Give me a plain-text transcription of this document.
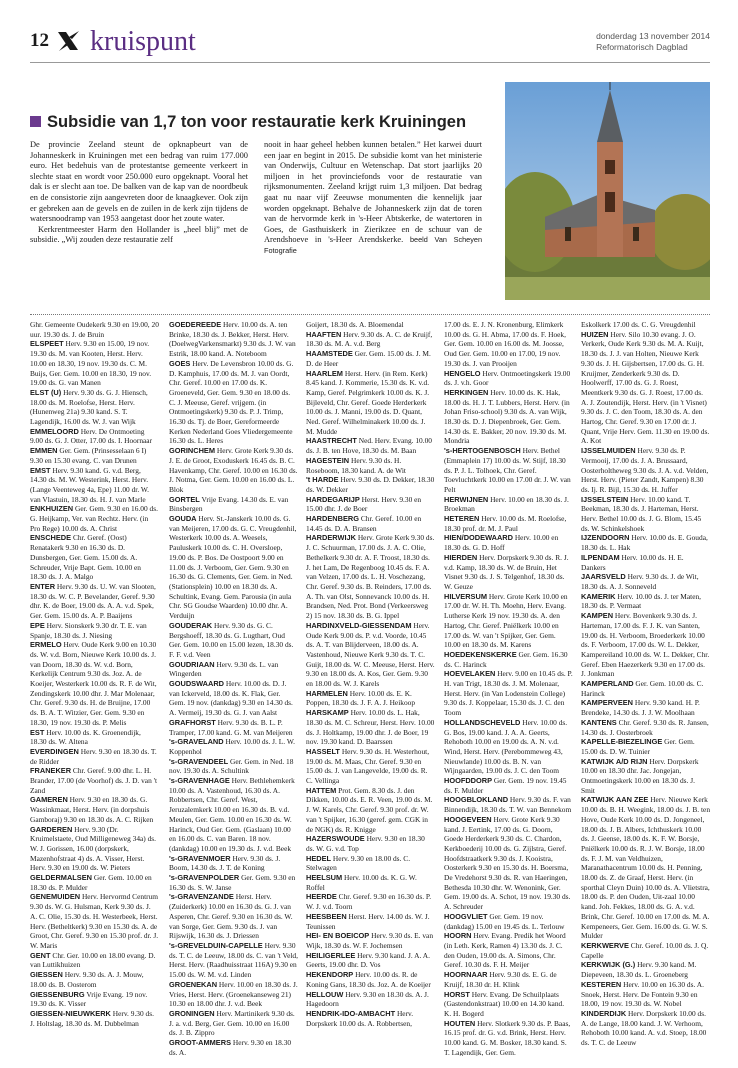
12 kruispunt	donderdag 13 november 2014
Reformatorisch Dagblad
Subsidie van 1,7 ton voor restauratie kerk Kruiningen

De provincie Zeeland steunt de opknapbeurt van de Johanneskerk in Kruiningen met een bedrag van ruim 177.000 euro. Het bedehuis van de protestantse gemeente verkeert in slechte staat en wordt voor 250.000 euro opgeknapt. Vooral het dak is er slecht aan toe. De balken van de kap van de noordbeuk en de consistorie zijn aangevreten door de knaagkever. Ook zijn er gebreken aan de gevels en de zuilen in de kerk zijn tijdens de watersnoodramp van 1953 aangetast door het zoute water.

Kerkrentmeester Harm den Hollander is „heel blij” met de subsidie. „Wij zouden deze restauratie zelf

nooit in haar geheel hebben kunnen betalen.” Het karwei duurt een jaar en begint in 2015. De subsidie komt van het ministerie van Onderwijs, Cultuur en Wetenschap. Dat stort jaarlijks 20 miljoen in het provinciefonds voor de restauratie van rijksmonumenten. Zeeland krijgt ruim 1,3 miljoen. Dat bedrag gaat nu naar vijf Zeeuwse monumenten die kennelijk jaar worden opgeknapt. Behalve de Johanneskerk zijn dat de toren van de hervormde kerk in 's-Heer Abtskerke, de watertoren in Goes, de Gasthuiskerk in Zierikzee en de schuur van de Arendshoeve in 's-Heer Arendskerke. beeld Van Scheyen Fotografie

Ghr. Gemeente Oudekerk 9.30 en 19.00, 20 uur. 19.30 ds. J. de Bruin

ELSPEET Herv. 9.30 en 15.00, 19 nov. 19.30 ds. M. van Kooten, Herst. Herv. 10.00 en 18.30, 19 nov. 19.30 ds. C. M. Buijs, Ger. Gem. 10.00 en 18.30, 19 nov. 19.00 ds. G. van Manen

ELST (U) Herv. 9.30 ds. G. J. Hiensch, 18.00 ds. M. Roelofse, Herst. Herv. (Hunenweg 21a) 9.30 kand. S. T. Lagendijk, 16.00 ds. W. J. van Wijk

EMMELOORD Herv. De Ontmoeting 9.00 ds. G. J. Otter, 17.00 ds. I. Hoornaar

EMMEN Ger. Gem. (Prinsesselaan 6 I) 9.30 en 15.30 evang. C. van Drunen

EMST Herv. 9.30 kand. G. v.d. Berg, 14.30 ds. M. W. Westerink, Herst. Herv. (Lange Veenteweg 4a, Epe) 11.00 dr. W. van Vlastuin, 18.30 ds. H. J. van Marle

ENKHUIZEN Ger. Gem. 9.30 en 16.00 ds. G. Heijkamp, Ver. van Rechtz. Herv. (in Pro Rege) 10.00 ds. A. Christ

ENSCHEDE Chr. Geref. (Oost) Renatakerk 9.30 en 16.30 ds. D. Dunsbergen, Ger. Gem. 15.00 ds. A. Schreuder, Vrije Bapt. Gem. 10.00 en 18.30 ds. J. A. Malgo

ENTER Herv. 9.30 ds. U. W. van Slooten, 18.30 ds. W. C. P. Bevelander, Geref. 9.30 dhr. K. de Boer, 19.00 ds. A. A. v.d. Spek, Ger. Gem. 15.00 ds. A. P. Baaijens

EPE Herv. Sionskerk 9.30 dr. T. E. van Spanje, 18.30 ds. J. Niesing

ERMELO Herv. Oude Kerk 9.00 en 10.30 ds. W. v.d. Born, Nieuwe Kerk 10.00 ds. J. van Doorn, 18.30 ds. W. v.d. Born, Kerkelijk Centrum 9.30 ds. Joz. A. de Koeijer, Westerkerk 10.00 ds. R. F. de Wit, Zendingskerk 10.00 dhr. J. Mar Molenaar, Chr. Geref. 9.30 ds. H. de Bruijne, 17.00 ds. B. A. T. Witzier, Ger. Gem. 9.30 en 18.30, 19 nov. 19.30 ds. P. Melis

EST Herv. 10.00 ds. K. Groenendijk, 18.30 ds. W. Altena

EVERDINGEN Herv. 9.30 en 18.30 ds. T. de Ridder

FRANEKER Chr. Geref. 9.00 dhr. L. H. Brander, 17.00 (de Voorhof) ds. J. D. van 't Zand

GAMEREN Herv. 9.30 en 18.30 ds. G. Wassinkmaat, Herst. Herv. (in dorpshuis Gamboraj) 9.30 en 18.30 ds. A. C. Rijken

GARDEREN Herv. 9.30 (Dr. Kruimelstaete, Oud Milligeneweg 34a) ds. W. J. Gorissen, 16.00 (dorpskerk, Mazenhofstraat 4) ds. A. Visser, Herst. Herv. 9.30 en 19.00 ds. W. Pieters

GELDERMALSEN Ger. Gem. 10.00 en 18.30 ds. P. Mulder

GENEMUIDEN Herv. Hervormd Centrum 9.30 ds. W. G. Hulsman, Kerk 9.30 ds. J. A. C. Olie, 15.30 ds. H. Westerbeek, Herst. Herv. (Betheltkerk) 9.30 en 15.30 ds. A. de Groot, Chr. Geref. 9.30 en 15.30 prof. dr. J. W. Maris

GENT Chr. Ger. 10.00 en 18.00 evang. D. van Luttikhuizen

GIESSEN Herv. 9.30 ds. A. J. Mouw, 18.00 ds. B. Oosterom

GIESSENBURG Vrije Evang. 19 nov. 19.30 ds. K. Visser

GIESSEN-NIEUWKERK Herv. 9.30 ds. J. Holtslag, 18.30 ds. M. Dubbelman

GOEDEREEDE Herv. 10.00 ds. A. ten Brinke, 18.30 ds. J. Bekker, Herst. Herv. (DoelwegVarkensmarkt) 9.30 ds. J. W. van Estrik, 18.00 kand. A. Noteboom

GOES Herv. De Levensbron 10.00 ds. G. D. Kamphuis, 17.00 ds. M. J. van Oordt, Chr. Geref. 10.00 en 17.00 ds. K. Groeneveld, Ger. Gem. 9.30 en 18.00 ds. C. J. Meeuse, Geref. vrijgem. (in Ontmoetingskerk) 9.30 ds. P. J. Trimp, 16.30 ds. Tj. de Boer, Gereformeerde Kerken Nederland Goes Vliedergemeente 16.30 ds. L. Heres

GORINCHEM Herv. Grote Kerk 9.30 ds. J. E. de Groot, Exoduskerk 16.45 ds. B. C. Havenkamp, Chr. Geref. 10.00 en 16.30 ds. J. Notma, Ger. Gem. 10.00 en 16.00 ds. L. Blok

GORTEL Vrije Evang. 14.30 ds. E. van Binsbergen

GOUDA Herv. St.-Janskerk 10.00 ds. G. van Meijeren, 17.00 ds. G. C. Vreugdenhil, Westerkerk 10.00 ds. A. Weesels, Pauluskerk 10.00 ds. C. H. Oversloep, 19.00 ds. P. Bos. De Oostpoort 9.00 en 11.00 ds. J. Verboom, Ger. Gem. 9.30 en 16.30 ds. G. Clements, Ger. Gem. in Ned. (Stationsplein) 10.00 en 18.30 ds. A. Schultink, Evang. Gem. Parousia (in aula Chr. SG Goudse Waarden) 10.00 dhr. A. Verduijn

GOUDERAK Herv. 9.30 ds. G. C. Bergshoeff, 18.30 ds. G. Lugthart, Oud Ger. Gem. 10.00 en 15.00 lezen, 18.30 ds. F. F. v.d. Veen

GOUDRIAAN Herv. 9.30 ds. L. van Wingerden

GOUDSWAARD Herv. 10.00 ds. D. J. van Ickerveld, 18.00 ds. K. Flak, Ger. Gem. 19 nov. (dankdag) 9.30 en 14.30 ds. A. Vermeij, 19.30 ds. G. J. van Aalst

GRAFHORST Herv. 9.30 ds. B. L. P. Tramper, 17.00 kand. G. M. van Meijeren

's-GRAVELAND Herv. 10.00 ds. J. L. W. Koppenhol

's-GRAVENDEEL Ger. Gem. in Ned. 18 nov. 19.30 ds. A. Schultink

's-GRAVENHAGE Herv. Bethlehemkerk 10.00 ds. A. Vastenhoud, 16.30 ds. A. Robbertsen, Chr. Geref. West, Jeruzalemkerk 10.00 en 16.30 ds. B. v.d. Meulen, Ger. Gem. 10.00 en 16.30 ds. W. Harinck, Oud Ger. Gem. (Gaslaan) 10.00 en 16.00 ds. C. van Baren. 18 nov. (dankdag) 10.00 en 19.30 ds. J. v.d. Beek

's-GRAVENMOER Herv. 9.30 ds. J. Boom, 14.30 ds. J. T. de Koning

's-GRAVENPOLDER Ger. Gem. 9.30 en 16.30 ds. S. W. Janse

's-GRAVENZANDE Herst. Herv. (Zuiderkerk) 10.00 en 16.30 ds. G. J. van Asperen, Chr. Geref. 9.30 en 16.30 ds. W. van Sorge, Ger. Gem. 9.30 ds. J. van Rijswijk, 16.30 ds. J. Driessen

's-GREVELDUIN-CAPELLE Herv. 9.30 ds. T. C. de Leeuw, 18.00 ds. C. van 't Veld, Herst. Herv. (Raadhuisstraat 116A) 9.30 en 15.00 ds. W. M. v.d. Linden

GROENEKAN Herv. 10.00 en 18.30 ds. J. Vries, Herst. Herv. (Groenekanseweg 21) 10.30 en 18.00 dhr. J. v.d. Beek

GRONINGEN Herv. Martinikerk 9.30 ds. J. a. v.d. Berg, Ger. Gem. 10.00 en 16.00 ds. J. B. Zippro

GROOT-AMMERS Herv. 9.30 en 18.30 ds. A.

Goijert, 18.30 ds. A. Bloemendal

HAAFTEN Herv. 9.30 ds. A. C. de Kruijf, 18.30 ds. M. A. v.d. Berg

HAAMSTEDE Ger. Gem. 15.00 ds. J. M. D. de Heer

HAARLEM Herst. Herv. (in Rem. Kerk) 8.45 kand. J. Kommerie, 15.30 ds. K. v.d. Kamp, Geref. Pelgrimkerk 10.00 ds. K. J. Bijleveld, Chr. Geref. Goede Herderkerk 10.00 ds. J. Manni, 19.00 ds. D. Quant, Ned. Geref. Wilhelminakerk 10.00 ds. J. M. Mudde

HAASTRECHT Ned. Herv. Evang. 10.00 ds. J. B. ten Hove, 18.30 ds. M. Baan

HAGESTEIN Herv. 9.30 ds. H. Roseboom, 18.30 kand. A. de Wit

't HARDE Herv. 9.30 ds. D. Dekker, 18.30 ds. W. Dekker

HARDEGARIJP Herst. Herv. 9.30 en 15.00 dhr. J. de Boer

HARDENBERG Chr. Geref. 10.00 en 14.45 ds. D. A. Bransen

HARDERWIJK Herv. Grote Kerk 9.30 ds. J. C. Schuurman, 17.00 ds. J. A. C. Olie, Bethelkerk 9.30 dr. A. F. Troost, 18.30 ds. J. het Lam, De Regenboog 10.45 ds. F. A. van Velzen, 17.00 ds. L. H. Voschezang, Chr. Geref. 9.30 ds. B. Reinders, 17.00 ds. A. Th. van Olst, Sonnevanck 10.00 ds. H. Brandsen, Ned. Prot. Bond (Verkeersweg 2) 15 nov. 18.30 ds. B. G. Ippel

HARDINXVELD-GIESSENDAM Herv. Oude Kerk 9.00 ds. P. v.d. Voorde, 10.45 ds. A. T. van Blijderveen, 18.00 ds. A. Vastenhoud, Nieuwe Kerk 9.30 ds. T. C. Guijt, 18.00 ds. W. C. Meeuse, Herst. Herv. 9.30 en 18.00 ds. A. Kos, Ger. Gem. 9.30 en 18.00 ds. W. J. Karels

HARMELEN Herv. 10.00 ds. E. K. Poppen, 18.30 ds. J. F. A. J. Heikoop

HARSKAMP Herv. 10.00 ds. L. Hak, 18.30 ds. M. C. Schreur, Herst. Herv. 10.00 ds. J. Holtkamp, 19.00 dhr. J. de Boer, 19 nov. 19.30 kand. D. Baarssen

HASSELT Herv. 9.30 ds. H. Westerhout, 19.00 ds. M. Maas, Chr. Geref. 9.30 en 15.00 ds. J. van Langevelde, 19.00 ds. R. C. Vellinga

HATTEM Prot. Gem. 8.30 ds. J. den Dikken, 10.00 ds. E. R. Veen, 19.00 ds. M. J. W. Karels, Chr. Geref. 9.30 prof. dr. W. van 't Spijker, 16.30 (geref. gem. CGK in de NGK) ds. R. Knigge

HAZERSWOUDE Herv. 9.30 en 18.30 ds. W. G. v.d. Top

HEDEL Herv. 9.30 en 18.00 ds. C. Stelwagen

HEELSUM Herv. 10.00 ds. K. G. W. Roffel

HEERDE Chr. Geref. 9.30 en 16.30 ds. P. W. J. v.d. Toorn

HEESBEEN Herst. Herv. 14.00 ds. W. J. Teunissen

HEI- EN BOEICOP Herv. 9.30 ds. E. van Wijk, 18.30 ds. W. F. Jochemsen

HEILIGERLEE Herv. 9.30 kand. J. A. A. Geerts, 19.00 dhr. D. Vos

HEKENDORP Herv. 10.00 ds. R. de Koning Gans, 18.30 ds. Joz. A. de Koeijer

HELLOUW Herv. 9.30 en 18.30 ds. A. J. Hagedoorn

HENDRIK-IDO-AMBACHT Herv. Dorpskerk 10.00 ds. A. Robbertsen,

17.00 ds. E. J. N. Kronenburg, Elimkerk 10.00 ds. G. H. Abma, 17.00 ds. F. Hoek, Ger. Gem. 10.00 en 16.00 ds. M. Joosse, Oud Ger. Gem. 10.00 en 17.00, 19 nov. 19.30 ds. J. van Prooijen

HENGELO Herv. Ontmoetingskerk 19.00 ds. J. v.h. Goor

HERKINGEN Herv. 10.00 ds. K. Hak, 18.00 ds. H. J. T. Lubbers, Herst. Herv. (in Johan Friso-school) 9.30 ds. A. van Wijk, 18.30 ds. D. J. Diepenbroek, Ger. Gem. 14.30 ds. E. Bakker, 20 nov. 19.30 ds. M. Mondria

's-HERTOGENBOSCH Herv. Bethel (Emmaplein 17) 10.00 ds. W. Stijf, 18.30 ds. P. J. L. Tolhoek, Chr. Geref. Toevluchtkerk 10.00 en 17.00 dr. J. W. van Pelt

HERWIJNEN Herv. 10.00 en 18.30 ds. J. Broekman

HETEREN Herv. 10.00 ds. M. Roelofse, 18.30 prof. dr. M. J. Paul

HIEN/DODEWAARD Herv. 10.00 en 18.30 ds. G. D. Hoff

HIERDEN Herv. Dorpskerk 9.30 ds. R. J. v.d. Kamp, 18.30 ds. W. de Bruin, Het Visnet 9.30 ds. J. S. Telgenhof, 18.30 ds. W. Geuze

HILVERSUM Herv. Grote Kerk 10.00 en 17.00 dr. W. H. Th. Moehn, Herv. Evang. Lutherse Kerk 19 nov. 19.30 ds. A. den Hartog, Chr. Geref. Pniëlkerk 10.00 en 17.00 ds. W. van 't Spijker, Ger. Gem. 10.00 en 18.30 ds. M. Karens

HOEDEKENSKERKE Ger. Gem. 16.30 ds. C. Harinck

HOEVELAKEN Herv. 9.00 en 10.45 ds. P. H. van Trigt, 18.30 ds. J. M. Molenaar, Herst. Herv. (in Van Lodenstein College) 9.30 ds. J. Koppelaar, 15.30 ds. J. C. den Toom

HOLLANDSCHEVELD Herv. 10.00 ds. G. Bos, 19.00 kand. J. A. A. Geerts, Rehoboth 10.00 en 19.00 ds. A. N. v.d. Wind, Herst. Herv. (Perebommeweg 43, Nieuwlande) 10.00 ds. B. N. van Wijngaarden, 19.00 ds. J. C. den Toom

HOOFDDORP Ger. Gem. 19 nov. 19.45 ds. F. Mulder

HOOGBLOKLAND Herv. 9.30 ds. F. van Binnendijk, 18.30 ds. T. W. van Bennekom

HOOGEVEEN Herv. Grote Kerk 9.30 kand. J. Eertink, 17.00 ds. G. Doorn, Goede Herderkerk 9.30 ds. C. Chardon, Kerkboederij 10.00 ds. G. Zijlstra, Geref. Hoofdstraatkerk 9.30 ds. J. Kooistra, Oosterkerk 9.30 en 15.30 ds. H. Boersma, De Vredehorst 9.30 ds. R. van Haeringen, Bethesda 10.30 dhr. W. Wenonink, Ger. Gem. 19.00 ds. A. Schot, 19 nov. 19.30 ds. A. Schreuder

HOOGVLIET Ger. Gem. 19 nov. (dankdag) 15.00 en 19.45 ds. L. Terlouw

HOORN Herv. Evang. Predik het Woord (in Leth. Kerk, Ramen 4) 13.30 ds. J. C. den Ouden, 19.00 ds. A. Simons, Chr. Geref. 10.30 ds. F. H. Meijer

HOORNAAR Herv. 9.30 ds. E. G. de Kruijf, 18.30 dr. H. Klink

HORST Herv. Evang. De Schuilplaats (Gastendonkstraat) 10.00 en 14.30 kand. K. H. Bogerd

HOUTEN Herv. Slotkerk 9.30 ds. P. Baas, 16.15 prof. dr. G. v.d. Brink, Herst. Herv. 10.00 kand. G. M. Bosker, 18.30 kand. S. T. Lagendijk, Ger. Gem.

Eskolkerk 17.00 ds. C. G. Vreugdenhil

HUIZEN Herv. Silo 10.30 evang. J. O. Verkerk, Oude Kerk 9.30 ds. M. A. Kuijt, 18.30 ds. J. J. van Holten, Nieuwe Kerk 9.30 ds. J. H. Gijsbertsen, 17.00 ds. G. H. Kruijmer, Zenderkerk 9.30 ds. D. Hoolwerff, 17.00 ds. G. J. Roest, Meentkerk 9.30 ds. G. J. Roest, 17.00 ds. A. J. Zoutendijk, Herst. Herv. (in 't Visnet) 9.30 ds. J. C. den Toom, 18.30 ds. A. den Hartog, Chr. Geref. 9.30 en 17.00 dr. J. Quant, Vrije Herv. Gem. 11.30 en 19.00 ds. A. Kot

IJSSELMUIDEN Herv. 9.30 ds. P. Vermooij, 17.00 ds. J. A. Brussaard, Oosterholtheweg 9.30 ds. J. A. v.d. Velden, Herst. Herv. (Pieter Zandt, Kampen) 8.30 ds. Ij. R. Bijl, 15.30 ds. H. Juffer

IJSSELSTEIN Herv. 10.00 kand. T. Beekman, 18.30 ds. J. Harteman, Herst. Herv. Bethel 10.00 ds. J. G. Blom, 15.45 ds. W. Schinkelshoek

IJZENDOORN Herv. 10.00 ds. E. Gouda, 18.30 ds. L. Hak

ILPENDAM Herv. 10.00 ds. H. E. Dankers

JAARSVELD Herv. 9.30 ds. J. de Wit, 18.30 ds. A. J. Sonneveld

KAMERIK Herv. 10.00 ds. J. ter Maten, 18.30 ds. P. Vermaat

KAMPEN Herv. Bovenkerk 9.30 ds. J. Harteman, 17.00 ds. F. J. K. van Santen, 19.00 ds. H. Verboom, Broederkerk 10.00 ds. F. Verboom, 17.00 ds. W. L. Dekker, Kampereiland 10.00 ds. W. L. Dekker, Chr. Geref. Eben Haezerkerk 9.30 en 17.00 ds. J. Jonkman

KAMPERLAND Ger. Gem. 10.00 ds. C. Harinck

KAMPERVEEN Herv. 9.30 kand. H. P. Brendeke, 14.30 ds. J. J. W. Moolhaan

KANTENS Chr. Geref. 9.30 ds. R. Jansen, 14.30 ds. J. Oosterbroek

KAPELLE-BIEZELINGE Ger. Gem. 15.00 ds. D. W. Tuinier

KATWIJK A/D RIJN Herv. Dorpskerk 10.00 en 18.30 dhr. Jac. Jongejan, Ontmoetingskerk 10.00 en 18.30 ds. J. Smit

KATWIJK AAN ZEE Herv. Nieuwe Kerk 10.00 ds. B. H. Weegink, 18.00 ds. J. B. ten Hove, Oude Kerk 10.00 ds. D. Jongeneel, 18.00 ds. J. B. Albers, Ichthuskerk 10.00 ds. J. Geense, 18.00 ds. K. F. W. Borsje, Pniëlkerk 10.00 ds. R. J. W. Borsje, 18.00 ds. F. J. M. van Veldhuizen, Maranathacentrum 10.00 ds. H. Penning, 18.00 ds. Z. de Graaf, Herst. Herv. (in sporthal Cleyn Duin) 10.00 ds. A. Vlietstra, 18.00 ds. P. den Ouden, Uit-zaal 10.00 kand. Joh. Fekkes, 18.00 ds. G. A. v.d. Brink, Chr. Geref. 10.00 en 17.00 ds. M. A. Kempeneers, Ger. Gem. 16.00 ds. G. W. S. Mulder

KERKWERVE Chr. Geref. 10.00 ds. J. Q. Capelle

KERKWIJK (G.) Herv. 9.30 kand. M. Diepeveen, 18.30 ds. L. Groeneberg

KESTEREN Herv. 10.00 en 16.30 ds. A. Snoek, Herst. Herv. De Fontein 9.30 en 18.00, 19 nov. 19.30 ds. W. Nobel

KINDERDIJK Herv. Dorpskerk 10.00 ds. A. de Lange, 18.00 kand. J. W. Verhoom, Rehoboth 10.00 kand. A. v.d. Stoep, 18.00 ds. T. C. de Leeuw
